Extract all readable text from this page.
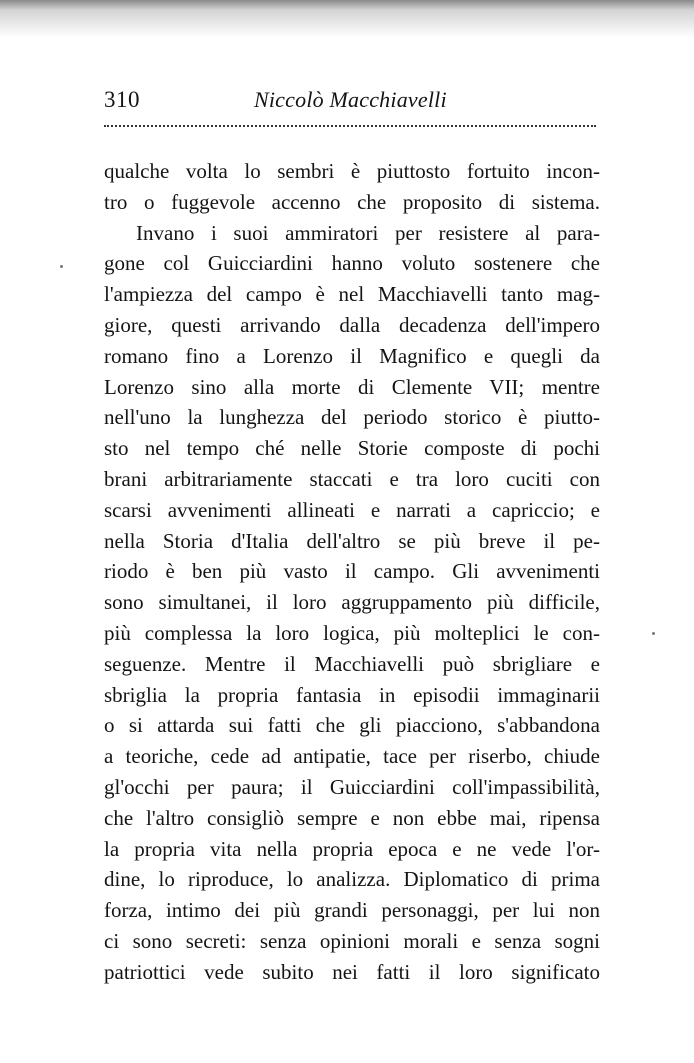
310	Niccolò Macchiavelli
qualche volta lo sembri è piuttosto fortuito incon-
tro o fuggevole accenno che proposito di sistema.
Invano i suoi ammiratori per resistere al para-
gone col Guicciardini hanno voluto sostenere che
l'ampiezza del campo è nel Macchiavelli tanto mag-
giore, questi arrivando dalla decadenza dell'impero
romano fino a Lorenzo il Magnifico e quegli da
Lorenzo sino alla morte di Clemente VII; mentre
nell'uno la lunghezza del periodo storico è piutto-
sto nel tempo ché nelle Storie composte di pochi
brani arbitrariamente staccati e tra loro cuciti con
scarsi avvenimenti allineati e narrati a capriccio; e
nella Storia d'Italia dell'altro se più breve il pe-
riodo è ben più vasto il campo. Gli avvenimenti
sono simultanei, il loro aggruppamento più difficile,
più complessa la loro logica, più molteplici le con-
seguenze. Mentre il Macchiavelli può sbrigliare e
sbriglia la propria fantasia in episodii immaginarii
o si attarda sui fatti che gli piacciono, s'abbandona
a teoriche, cede ad antipatie, tace per riserbo, chiude
gl'occhi per paura; il Guicciardini coll'impassibilità,
che l'altro consigliò sempre e non ebbe mai, ripensa
la propria vita nella propria epoca e ne vede l'or-
dine, lo riproduce, lo analizza. Diplomatico di prima
forza, intimo dei più grandi personaggi, per lui non
ci sono secreti: senza opinioni morali e senza sogni
patriottici vede subito nei fatti il loro significato
